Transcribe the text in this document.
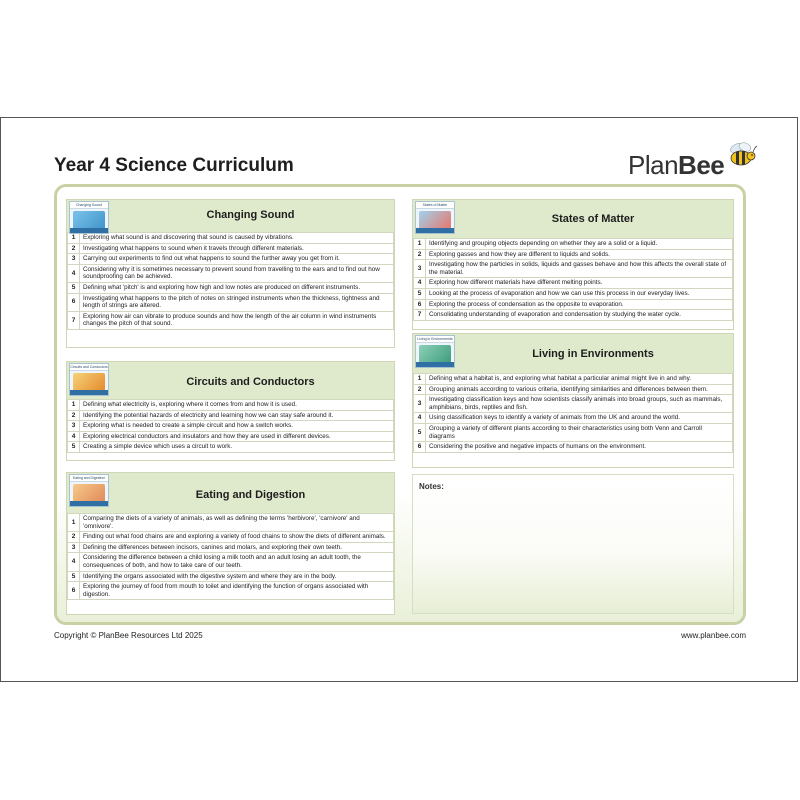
Year 4 Science Curriculum	PlanBee
Changing Sound
Changing Sound
1	Exploring what sound is and discovering that sound is caused by vibrations.
2	Investigating what happens to sound when it travels through different materials.
3	Carrying out experiments to find out what happens to sound the further away you get from it.
4	Considering why it is sometimes necessary to prevent sound from travelling to the ears and to find out how soundproofing can be achieved.
5	Defining what 'pitch' is and exploring how high and low notes are produced on different instruments.
6	Investigating what happens to the pitch of notes on stringed instruments when the thickness, tightness and length of strings are altered.
7	Exploring how air can vibrate to produce sounds and how the length of the air column in wind instruments changes the pitch of that sound.
Circuits and Conductors
Circuits and Conductors
1	Defining what electricity is, exploring where it comes from and how it is used.
2	Identifying the potential hazards of electricity and learning how we can stay safe around it.
3	Exploring what is needed to create a simple circuit and how a switch works.
4	Exploring electrical conductors and insulators and how they are used in different devices.
5	Creating a simple device which uses a circuit to work.
Eating and Digestion
Eating and Digestion
1	Comparing the diets of a variety of animals, as well as defining the terms 'herbivore', 'carnivore' and 'omnivore'.
2	Finding out what food chains are and exploring a variety of food chains to show the diets of different animals.
3	Defining the differences between incisors, canines and molars, and exploring their own teeth.
4	Considering the difference between a child losing a milk tooth and an adult losing an adult tooth, the consequences of both, and how to take care of our teeth.
5	Identifying the organs associated with the digestive system and where they are in the body.
6	Exploring the journey of food from mouth to toilet and identifying the function of organs associated with digestion.
States of Matter
States of Matter
1	Identifying and grouping objects depending on whether they are a solid or a liquid.
2	Exploring gasses and how they are different to liquids and solids.
3	Investigating how the particles in solids, liquids and gasses behave and how this affects the overall state of the material.
4	Exploring how different materials have different melting points.
5	Looking at the process of evaporation and how we can use this process in our everyday lives.
6	Exploring the process of condensation as the opposite to evaporation.
7	Consolidating understanding of evaporation and condensation by studying the water cycle.
Living in Environments
Living in Environments
1	Defining what a habitat is, and exploring what habitat a particular animal might live in and why.
2	Grouping animals according to various criteria, identifying similarities and differences between them.
3	Investigating classification keys and how scientists classify animals into broad groups, such as mammals, amphibians, birds, reptiles and fish.
4	Using classification keys to identify a variety of animals from the UK and around the world.
5	Grouping a variety of different plants according to their characteristics using both Venn and Carroll diagrams
6	Considering the positive and negative impacts of humans on the environment.
Notes:
Copyright © PlanBee Resources Ltd 2025	www.planbee.com
